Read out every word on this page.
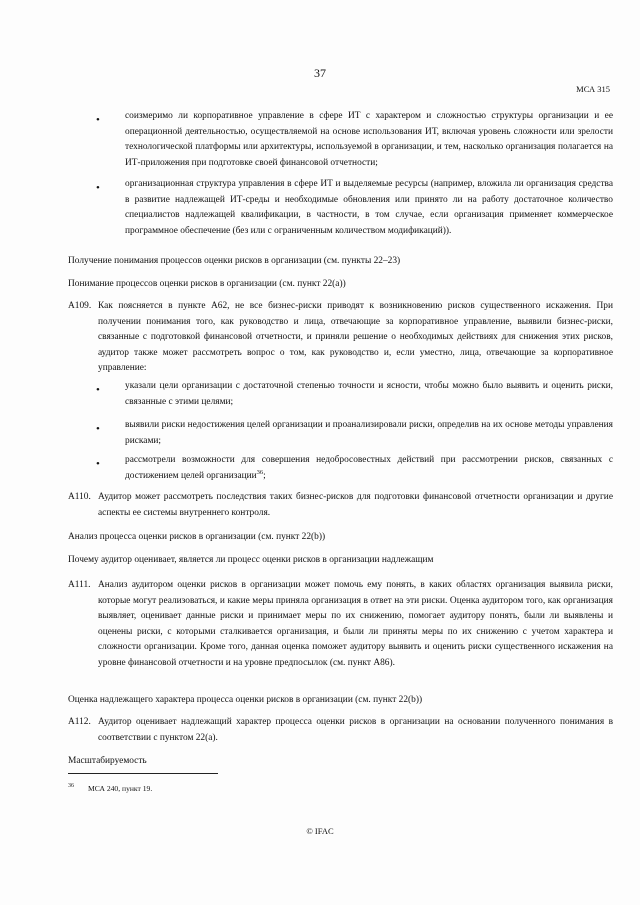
37
МСА 315
•	соизмеримо ли корпоративное управление в сфере ИТ с характером и сложностью структуры организации и ее операционной деятельностью, осуществляемой на основе использования ИТ, включая уровень сложности или зрелости технологической платформы или архитектуры, используемой в организации, и тем, насколько организация полагается на ИТ-приложения при подготовке своей финансовой отчетности;

•	организационная структура управления в сфере ИТ и выделяемые ресурсы (например, вложила ли организация средства в развитие надлежащей ИТ-среды и необходимые обновления или принято ли на работу достаточное количество специалистов надлежащей квалификации, в частности, в том случае, если организация применяет коммерческое программное обеспечение (без или с ограниченным количеством модификаций)).

Получение понимания процессов оценки рисков в организации (см. пункты 22–23)

Понимание процессов оценки рисков в организации (см. пункт 22(a))

A109. Как поясняется в пункте A62, не все бизнес-риски приводят к возникновению рисков существенного искажения. При получении понимания того, как руководство и лица, отвечающие за корпоративное управление, выявили бизнес-риски, связанные с подготовкой финансовой отчетности, и приняли решение о необходимых действиях для снижения этих рисков, аудитор также может рассмотреть вопрос о том, как руководство и, если уместно, лица, отвечающие за корпоративное управление:

•	указали цели организации с достаточной степенью точности и ясности, чтобы можно было выявить и оценить риски, связанные с этими целями;

•	выявили риски недостижения целей организации и проанализировали риски, определив на их основе методы управления рисками;

•	рассмотрели возможности для совершения недобросовестных действий при рассмотрении рисков, связанных с достижением целей организации$^{36}$;

A110. Аудитор может рассмотреть последствия таких бизнес-рисков для подготовки финансовой отчетности организации и другие аспекты ее системы внутреннего контроля.

Анализ процесса оценки рисков в организации (см. пункт 22(b))

Почему аудитор оценивает, является ли процесс оценки рисков в организации надлежащим

A111. Анализ аудитором оценки рисков в организации может помочь ему понять, в каких областях организация выявила риски, которые могут реализоваться, и какие меры приняла организация в ответ на эти риски. Оценка аудитором того, как организация выявляет, оценивает данные риски и принимает меры по их снижению, помогает аудитору понять, были ли выявлены и оценены риски, с которыми сталкивается организация, и были ли приняты меры по их снижению с учетом характера и сложности организации. Кроме того, данная оценка поможет аудитору выявить и оценить риски существенного искажения на уровне финансовой отчетности и на уровне предпосылок (см. пункт A86).

Оценка надлежащего характера процесса оценки рисков в организации (см. пункт 22(b))

A112. Аудитор оценивает надлежащий характер процесса оценки рисков в организации на основании полученного понимания в соответствии с пунктом 22(a).

Масштабируемость

36 МСА 240, пункт 19.
© IFAC
